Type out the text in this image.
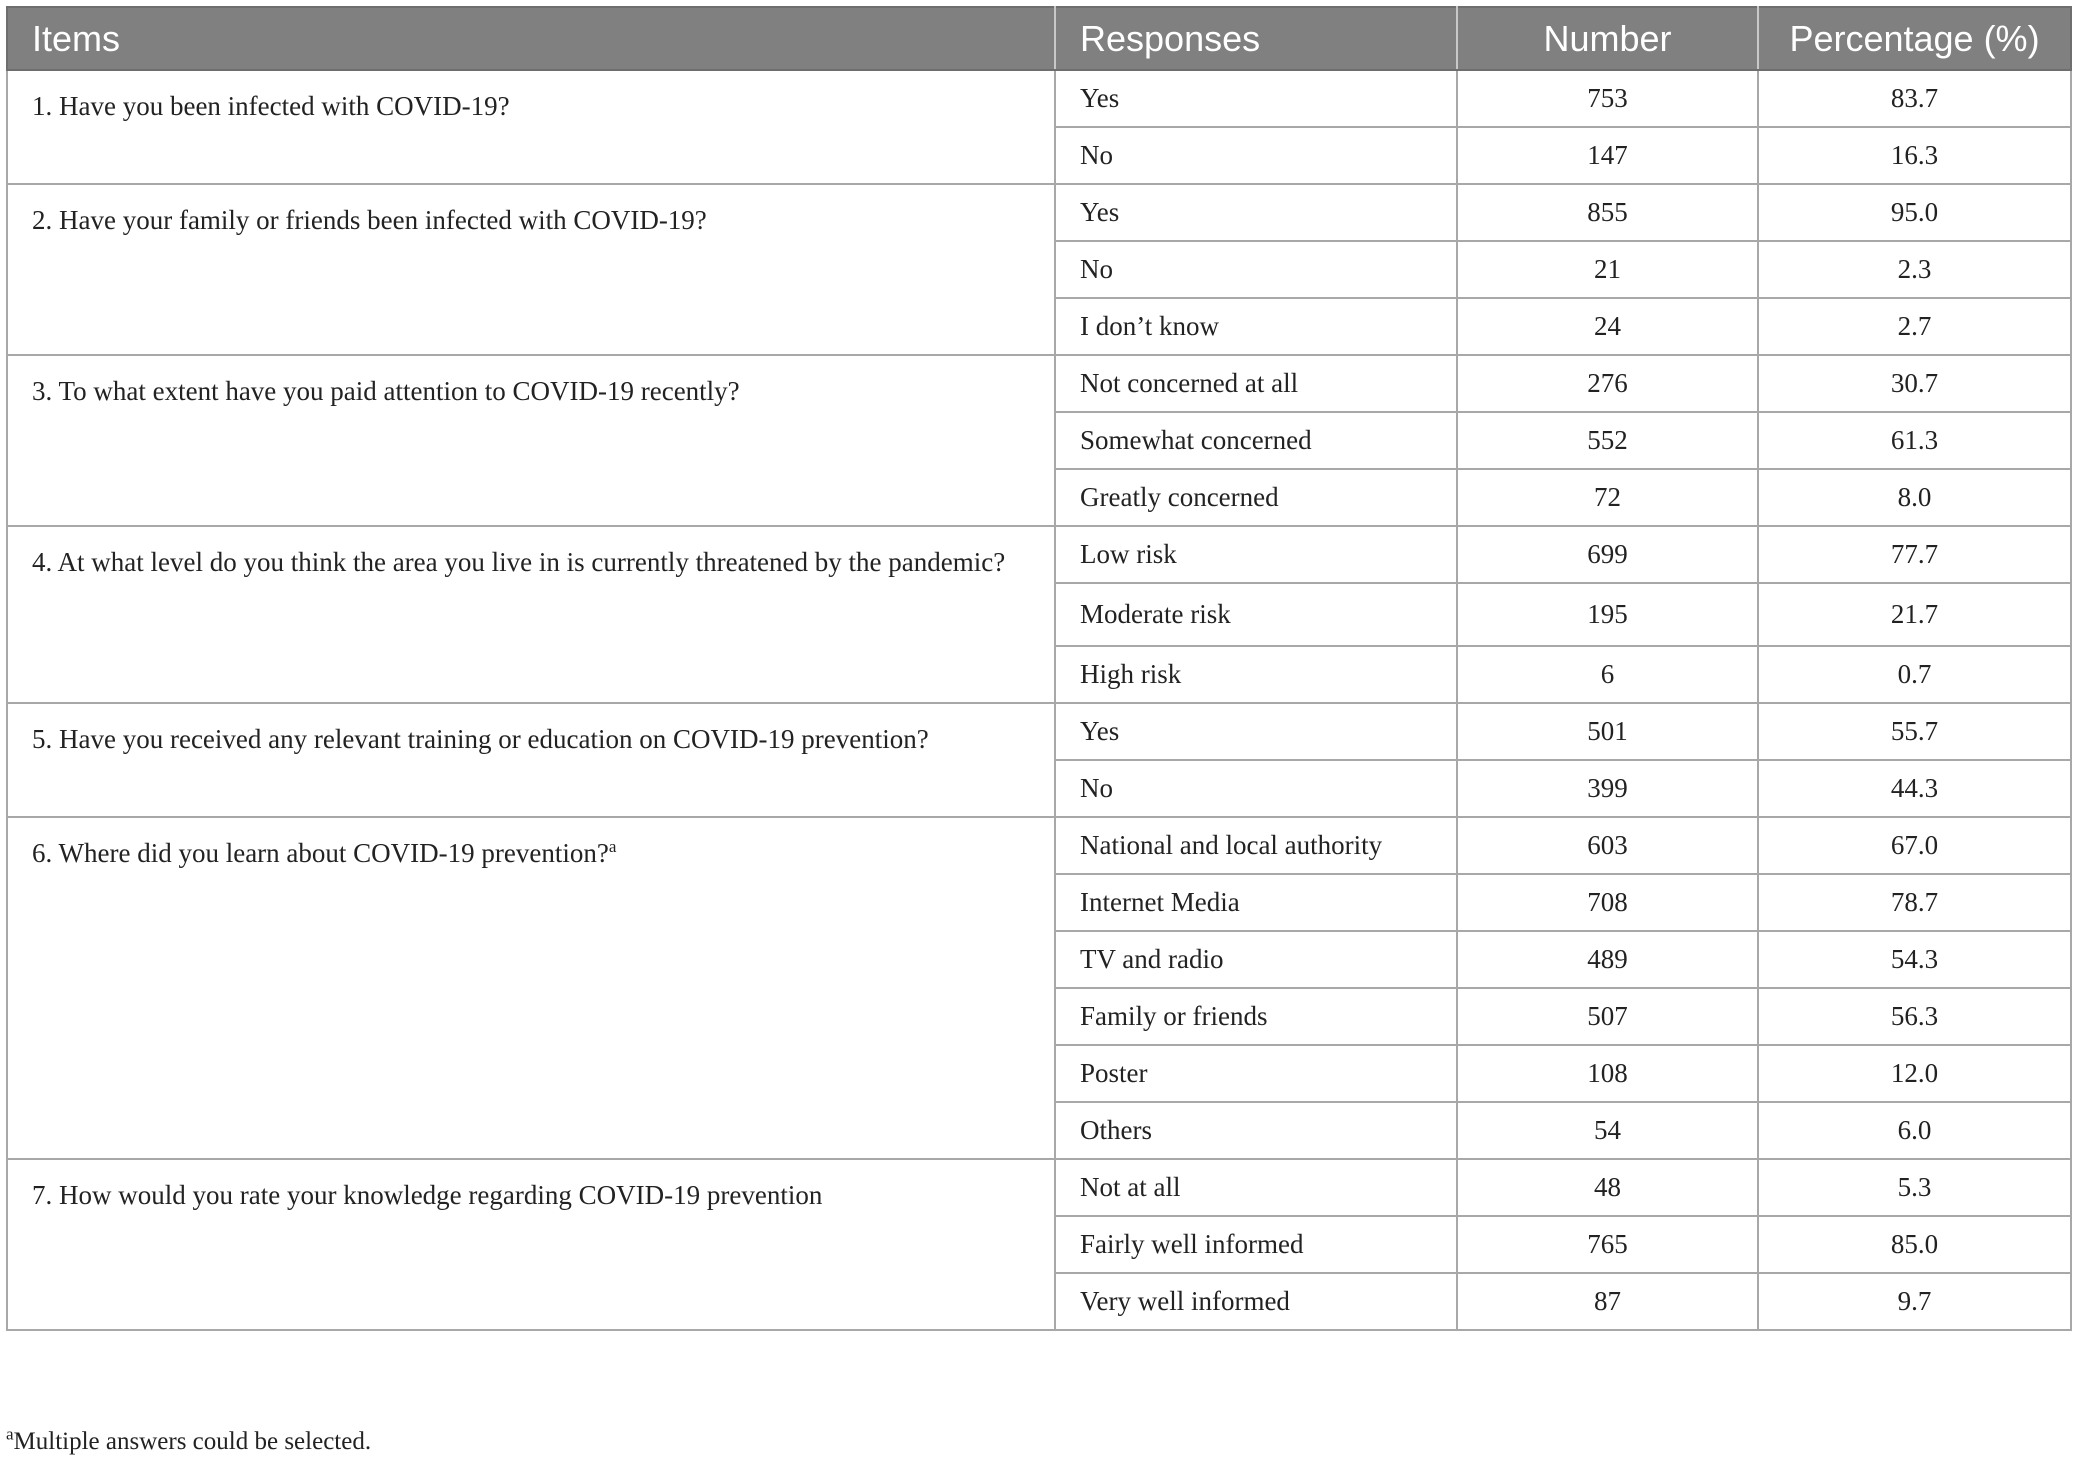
Items	Responses	Number	Percentage (%)
1. Have you been infected with COVID-19?	Yes	753	83.7
	No	147	16.3
2. Have your family or friends been infected with COVID-19?	Yes	855	95.0
	No	21	2.3
	I don’t know	24	2.7
3. To what extent have you paid attention to COVID-19 recently?	Not concerned at all	276	30.7
	Somewhat concerned	552	61.3
	Greatly concerned	72	8.0
4. At what level do you think the area you live in is currently threatened by the pandemic?	Low risk	699	77.7
	Moderate risk	195	21.7
	High risk	6	0.7
5. Have you received any relevant training or education on COVID-19 prevention?	Yes	501	55.7
	No	399	44.3
6. Where did you learn about COVID-19 prevention?$^a$	National and local authority	603	67.0
	Internet Media	708	78.7
	TV and radio	489	54.3
	Family or friends	507	56.3
	Poster	108	12.0
	Others	54	6.0
7. How would you rate your knowledge regarding COVID-19 prevention	Not at all	48	5.3
	Fairly well informed	765	85.0
	Very well informed	87	9.7
$^a$Multiple answers could be selected.
